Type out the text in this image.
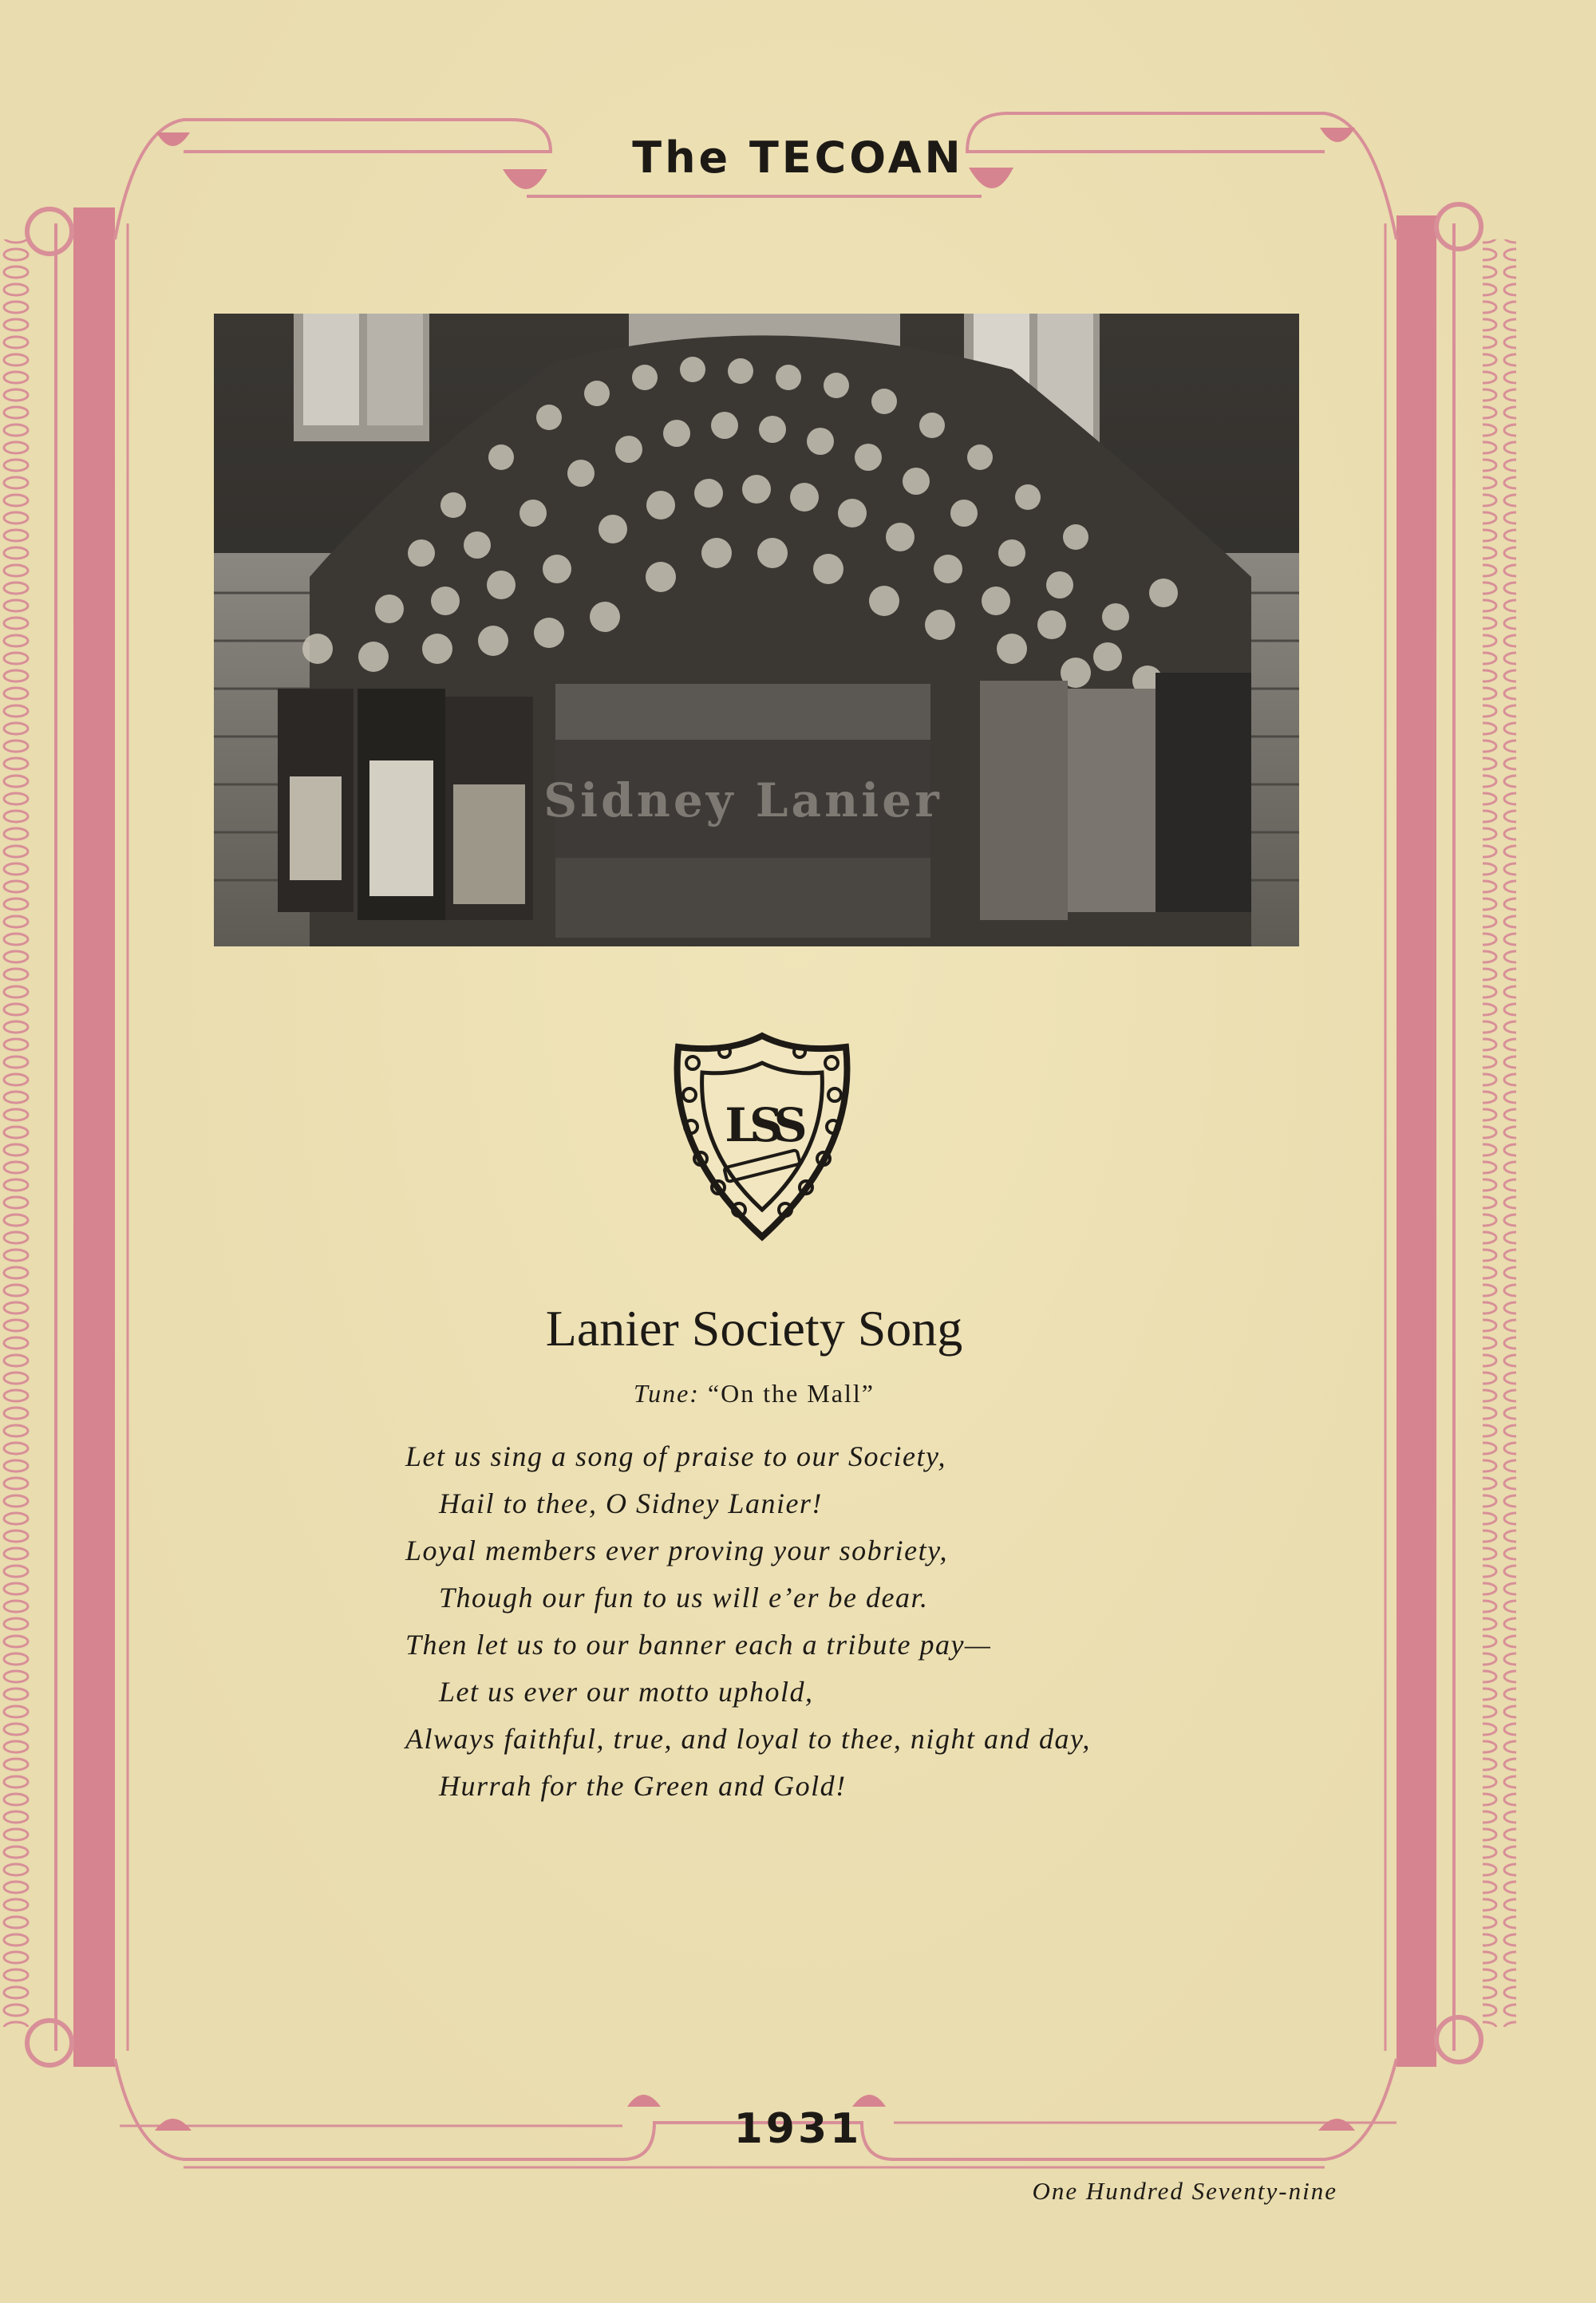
The TECOAN
Sidney Lanier
LSS
Lanier Society Song
Tune: “On the Mall”
Let us sing a song of praise to our Society,
Hail to thee, O Sidney Lanier!
Loyal members ever proving your sobriety,
Though our fun to us will e’er be dear.
Then let us to our banner each a tribute pay—
Let us ever our motto uphold,
Always faithful, true, and loyal to thee, night and day,
Hurrah for the Green and Gold!
1931
One Hundred Seventy-nine
